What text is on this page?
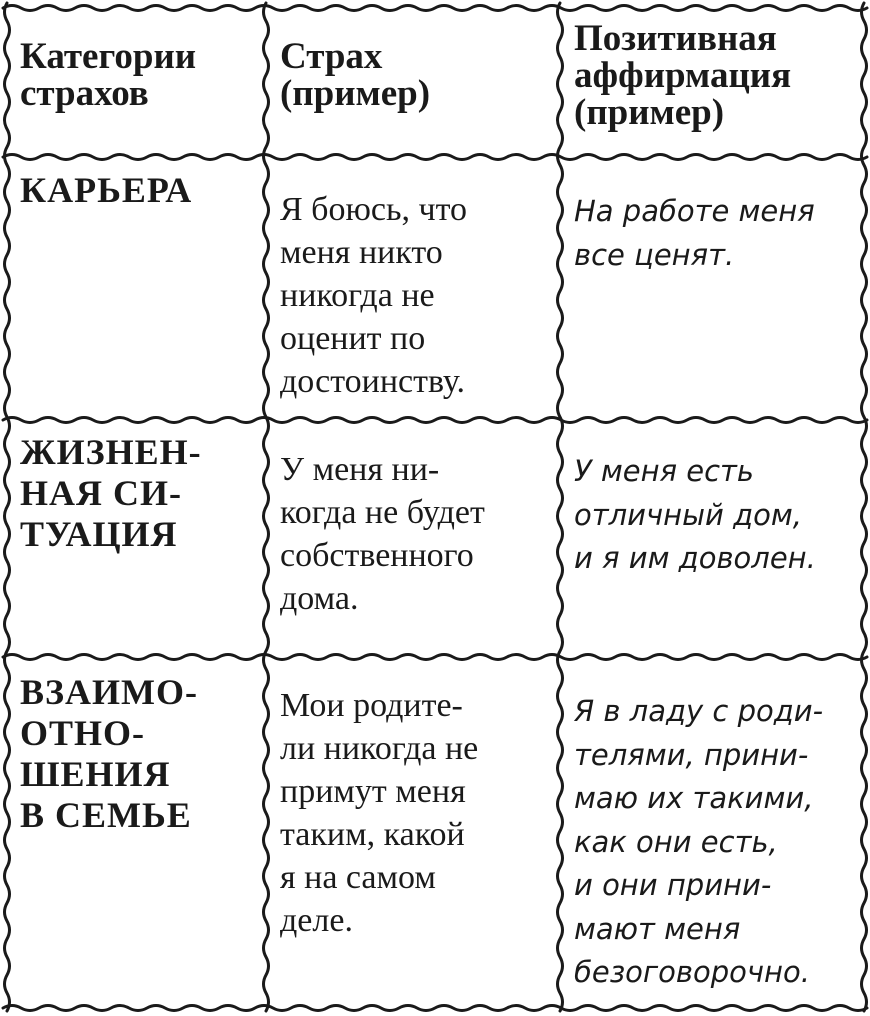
Категории
страхов
Страх
(пример)
Позитивная
аффирмация
(пример)
КАРЬЕРА	Я боюсь, что
меня никто
никогда не
оценит по
достоинству.
На работе меня
все ценят.
ЖИЗНЕН-
НАЯ СИ-
ТУАЦИЯ
У меня ни-
когда не будет
собственного
дома.
У меня есть
отличный дом,
и я им доволен.
ВЗАИМО-
ОТНО-
ШЕНИЯ
В СЕМЬЕ
Мои родите-
ли никогда не
примут меня
таким, какой
я на самом
деле.
Я в ладу с роди-
телями, прини-
маю их такими,
как они есть,
и они прини-
мают меня
безоговорочно.
